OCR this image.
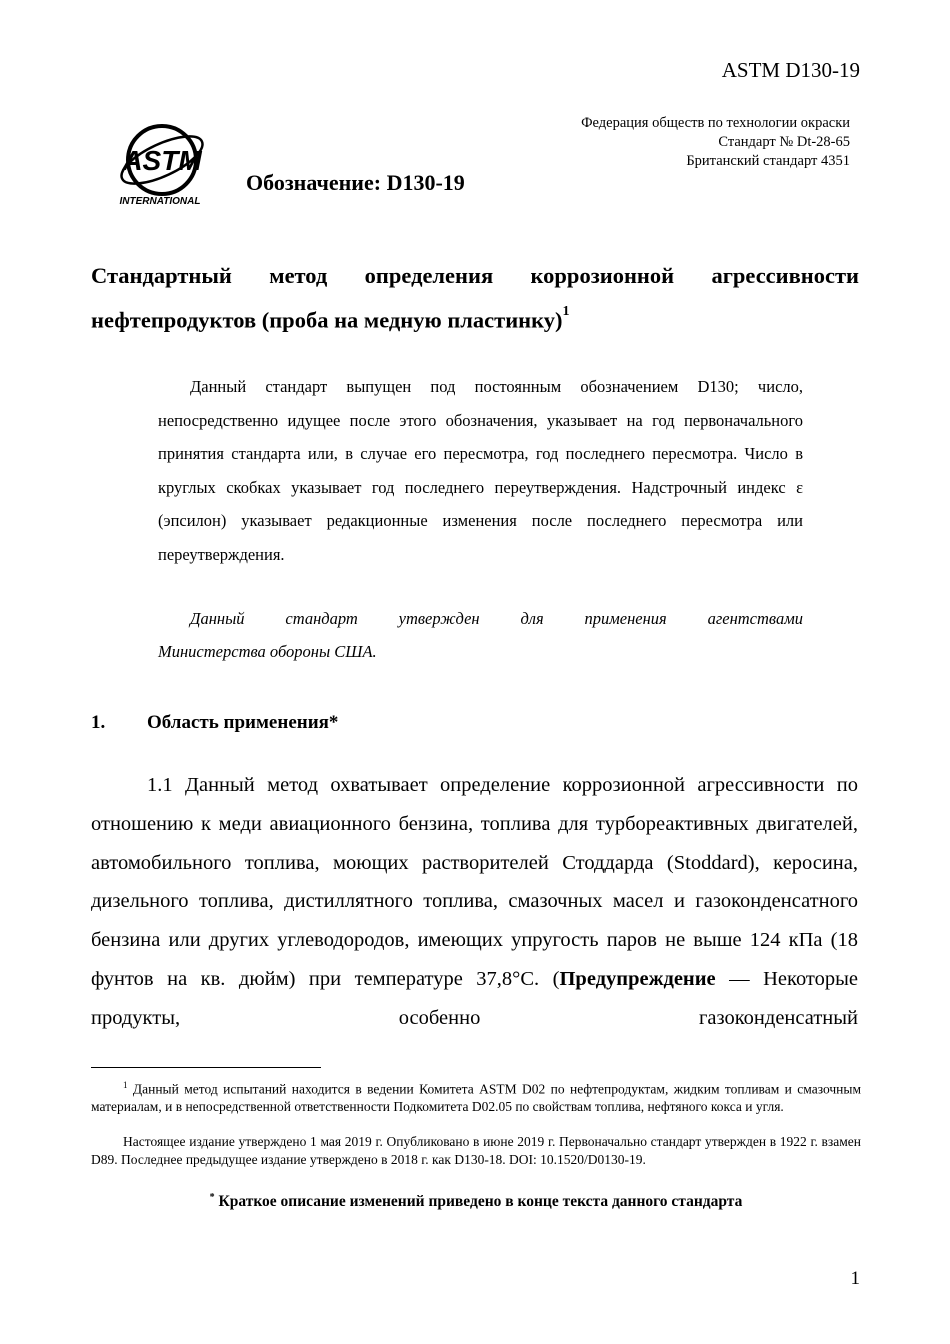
ASTM D130-19
Федерация обществ по технологии окраски
Стандарт № Dt-28-65
Британский стандарт 4351
ASTM
INTERNATIONAL
Обозначение: D130-19
Стандартный метод определения коррозионной агрессивности нефтепродуктов (проба на медную пластинку)$^1$

Данный стандарт выпущен под постоянным обозначением D130; число, непосредственно идущее после этого обозначения, указывает на год первоначального принятия стандарта или, в случае его пересмотра, год последнего пересмотра. Число в круглых скобках указывает год последнего переутверждения. Надстрочный индекс ε (эпсилон) указывает редакционные изменения после последнего пересмотра или переутверждения.

Данный стандарт утвержден для применения агентствами
Министерства обороны США.
1. Область применения*
1.1 Данный метод охватывает определение коррозионной агрессивности по отношению к меди авиационного бензина, топлива для турбореактивных двигателей, автомобильного топлива, моющих растворителей Стоддарда (Stoddard), керосина, дизельного топлива, дистиллятного топлива, смазочных масел и газоконденсатного бензина или других углеводородов, имеющих упругость паров не выше 124 кПа (18 фунтов на кв. дюйм) при температуре 37,8°C. (Предупреждение — Некоторые продукты, особенно газоконденсатный
$^1$ Данный метод испытаний находится в ведении Комитета ASTM D02 по нефтепродуктам, жидким топливам и смазочным материалам, и в непосредственной ответственности Подкомитета D02.05 по свойствам топлива, нефтяного кокса и угля.
Настоящее издание утверждено 1 мая 2019 г. Опубликовано в июне 2019 г. Первоначально стандарт утвержден в 1922 г. взамен D89. Последнее предыдущее издание утверждено в 2018 г. как D130-18. DOI: 10.1520/D0130-19.
* Краткое описание изменений приведено в конце текста данного стандарта
1
